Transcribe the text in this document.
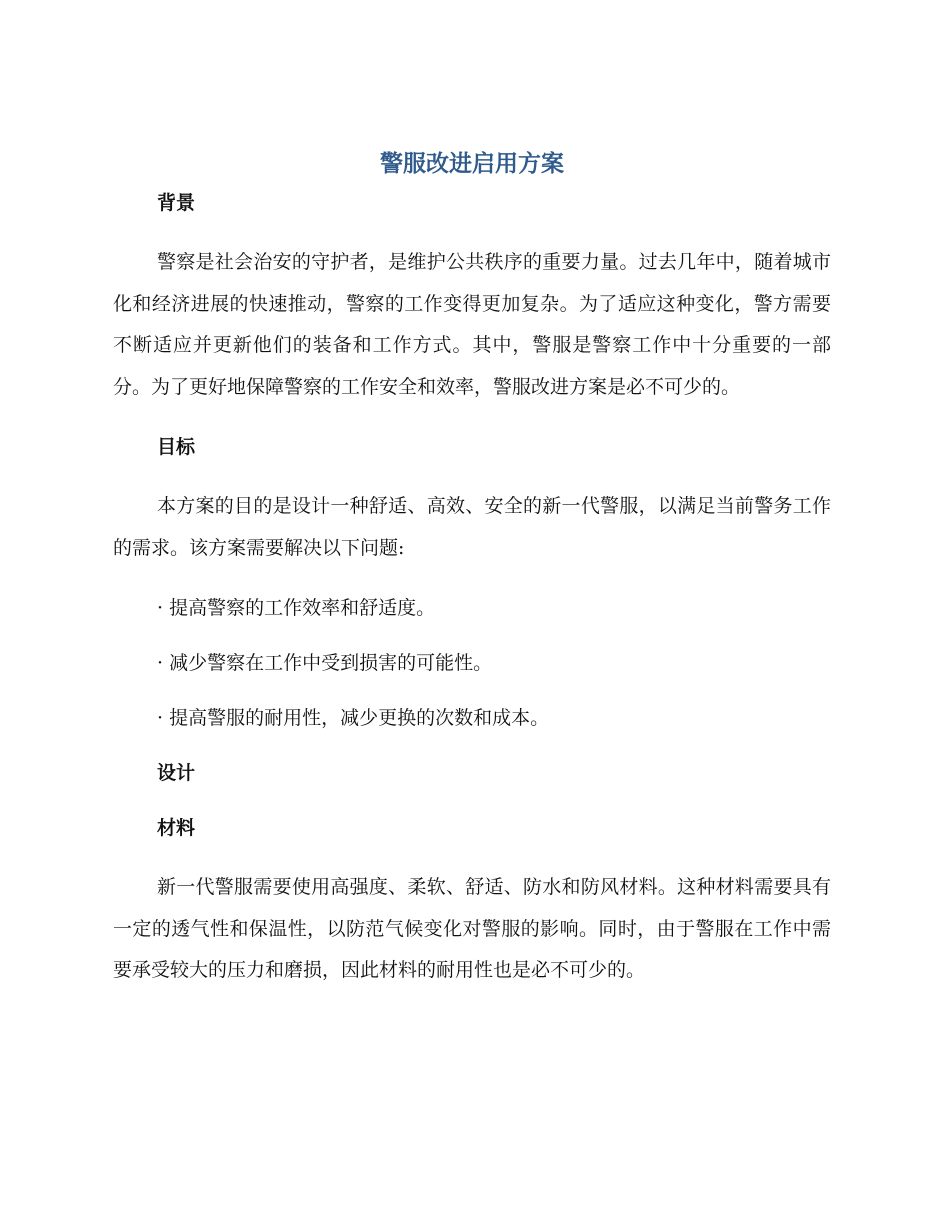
警服改进启用方案
背景

警察是社会治安的守护者，是维护公共秩序的重要力量。过去几年中，随着城市化和经济进展的快速推动，警察的工作变得更加复杂。为了适应这种变化，警方需要不断适应并更新他们的装备和工作方式。其中，警服是警察工作中十分重要的一部分。为了更好地保障警察的工作安全和效率，警服改进方案是必不可少的。

目标

本方案的目的是设计一种舒适、高效、安全的新一代警服，以满足当前警务工作的需求。该方案需要解决以下问题:

· 提高警察的工作效率和舒适度。
· 减少警察在工作中受到损害的可能性。
· 提高警服的耐用性，减少更换的次数和成本。
设计
材料

新一代警服需要使用高强度、柔软、舒适、防水和防风材料。这种材料需要具有一定的透气性和保温性，以防范气候变化对警服的影响。同时，由于警服在工作中需要承受较大的压力和磨损，因此材料的耐用性也是必不可少的。
